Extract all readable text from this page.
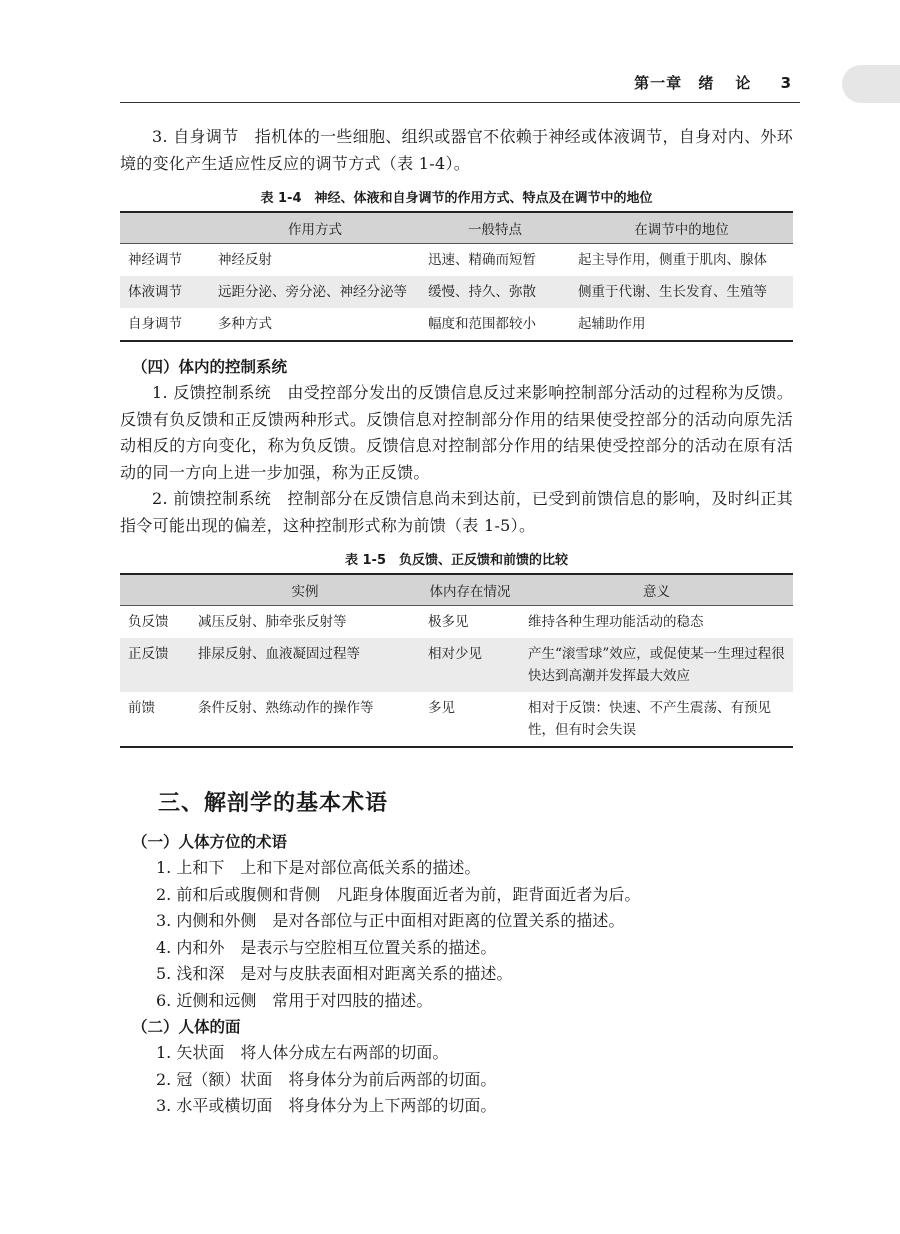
第一章 绪论 3

3. 自身调节　指机体的一些细胞、组织或器官不依赖于神经或体液调节，自身对内、外环境的变化产生适应性反应的调节方式（表 1-4）。

表 1-4　神经、体液和自身调节的作用方式、特点及在调节中的地位
	作用方式	一般特点	在调节中的地位
神经调节	神经反射	迅速、精确而短暂	起主导作用，侧重于肌肉、腺体
体液调节	远距分泌、旁分泌、神经分泌等	缓慢、持久、弥散	侧重于代谢、生长发育、生殖等
自身调节	多种方式	幅度和范围都较小	起辅助作用
（四）体内的控制系统

1. 反馈控制系统　由受控部分发出的反馈信息反过来影响控制部分活动的过程称为反馈。反馈有负反馈和正反馈两种形式。反馈信息对控制部分作用的结果使受控部分的活动向原先活动相反的方向变化，称为负反馈。反馈信息对控制部分作用的结果使受控部分的活动在原有活动的同一方向上进一步加强，称为正反馈。

2. 前馈控制系统　控制部分在反馈信息尚未到达前，已受到前馈信息的影响，及时纠正其指令可能出现的偏差，这种控制形式称为前馈（表 1-5）。

表 1-5　负反馈、正反馈和前馈的比较
	实例	体内存在情况	意义
负反馈	减压反射、肺牵张反射等	极多见	维持各种生理功能活动的稳态
正反馈	排尿反射、血液凝固过程等	相对少见	产生“滚雪球”效应，或促使某一生理过程很快达到高潮并发挥最大效应
前馈	条件反射、熟练动作的操作等	多见	相对于反馈：快速、不产生震荡、有预见性，但有时会失误
三、解剖学的基本术语
（一）人体方位的术语
1. 上和下　上和下是对部位高低关系的描述。
2. 前和后或腹侧和背侧　凡距身体腹面近者为前，距背面近者为后。
3. 内侧和外侧　是对各部位与正中面相对距离的位置关系的描述。
4. 内和外　是表示与空腔相互位置关系的描述。
5. 浅和深　是对与皮肤表面相对距离关系的描述。
6. 近侧和远侧　常用于对四肢的描述。
（二）人体的面
1. 矢状面　将人体分成左右两部的切面。
2. 冠（额）状面　将身体分为前后两部的切面。
3. 水平或横切面　将身体分为上下两部的切面。
